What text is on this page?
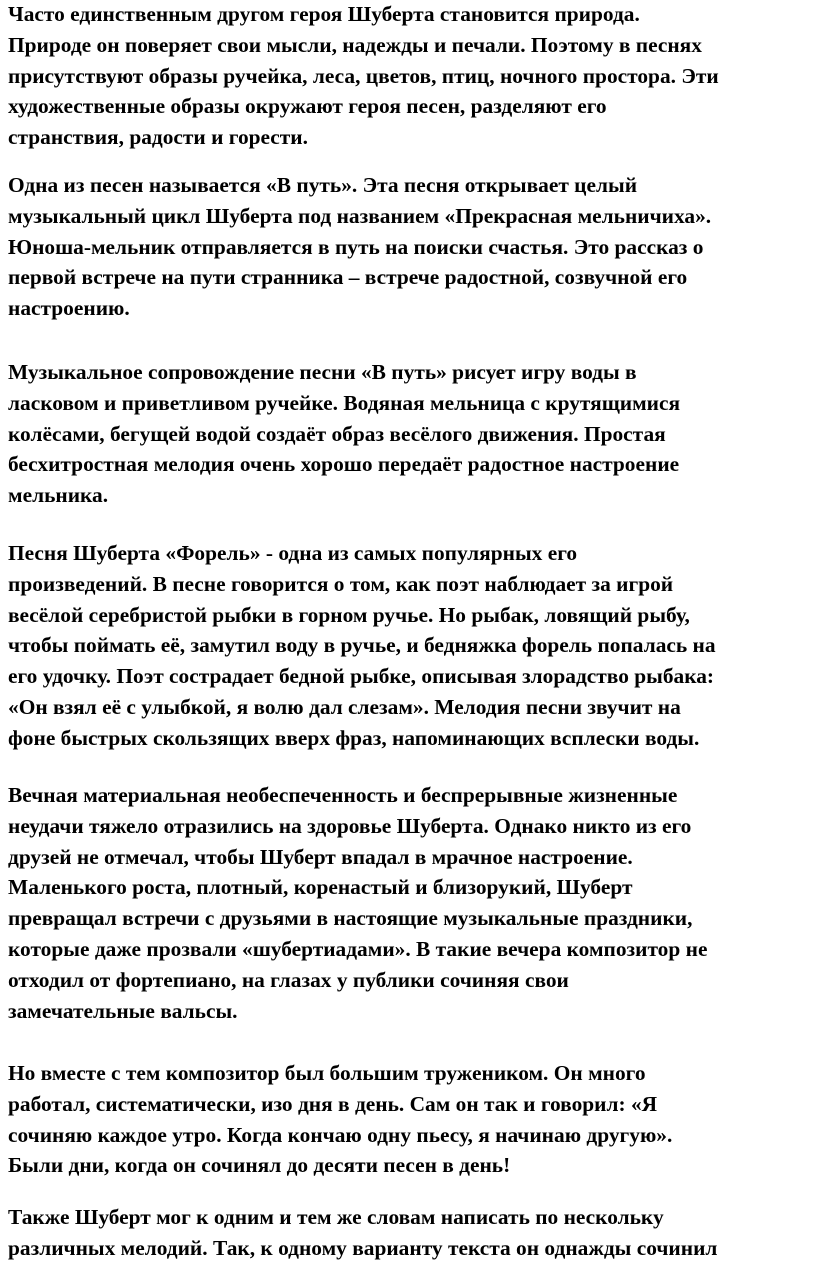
Часто единственным другом героя Шуберта становится природа.
Природе он поверяет свои мысли, надежды и печали. Поэтому в песнях
присутствуют образы ручейка, леса, цветов, птиц, ночного простора. Эти
художественные образы окружают героя песен, разделяют его
странствия, радости и горести.

Одна из песен называется «В путь». Эта песня открывает целый
музыкальный цикл Шуберта под названием «Прекрасная мельничиха».
Юноша-мельник отправляется в путь на поиски счастья. Это рассказ о
первой встрече на пути странника – встрече радостной, созвучной его
настроению.

Музыкальное сопровождение песни «В путь» рисует игру воды в
ласковом и приветливом ручейке. Водяная мельница с крутящимися
колёсами, бегущей водой создаёт образ весёлого движения. Простая
бесхитростная мелодия очень хорошо передаёт радостное настроение
мельника.

Песня Шуберта «Форель» - одна из самых популярных его
произведений. В песне говорится о том, как поэт наблюдает за игрой
весёлой серебристой рыбки в горном ручье. Но рыбак, ловящий рыбу,
чтобы поймать её, замутил воду в ручье, и бедняжка форель попалась на
его удочку. Поэт сострадает бедной рыбке, описывая злорадство рыбака:
«Он взял её с улыбкой, я волю дал слезам». Мелодия песни звучит на
фоне быстрых скользящих вверх фраз, напоминающих всплески воды.

Вечная материальная необеспеченность и беспрерывные жизненные
неудачи тяжело отразились на здоровье Шуберта. Однако никто из его
друзей не отмечал, чтобы Шуберт впадал в мрачное настроение.
Маленького роста, плотный, коренастый и близорукий, Шуберт
превращал встречи с друзьями в настоящие музыкальные праздники,
которые даже прозвали «шубертиадами». В такие вечера композитор не
отходил от фортепиано, на глазах у публики сочиняя свои
замечательные вальсы.

Но вместе с тем композитор был большим тружеником. Он много
работал, систематически, изо дня в день. Сам он так и говорил: «Я
сочиняю каждое утро. Когда кончаю одну пьесу, я начинаю другую».
Были дни, когда он сочинял до десяти песен в день!

Также Шуберт мог к одним и тем же словам написать по нескольку
различных мелодий. Так, к одному варианту текста он однажды сочинил
